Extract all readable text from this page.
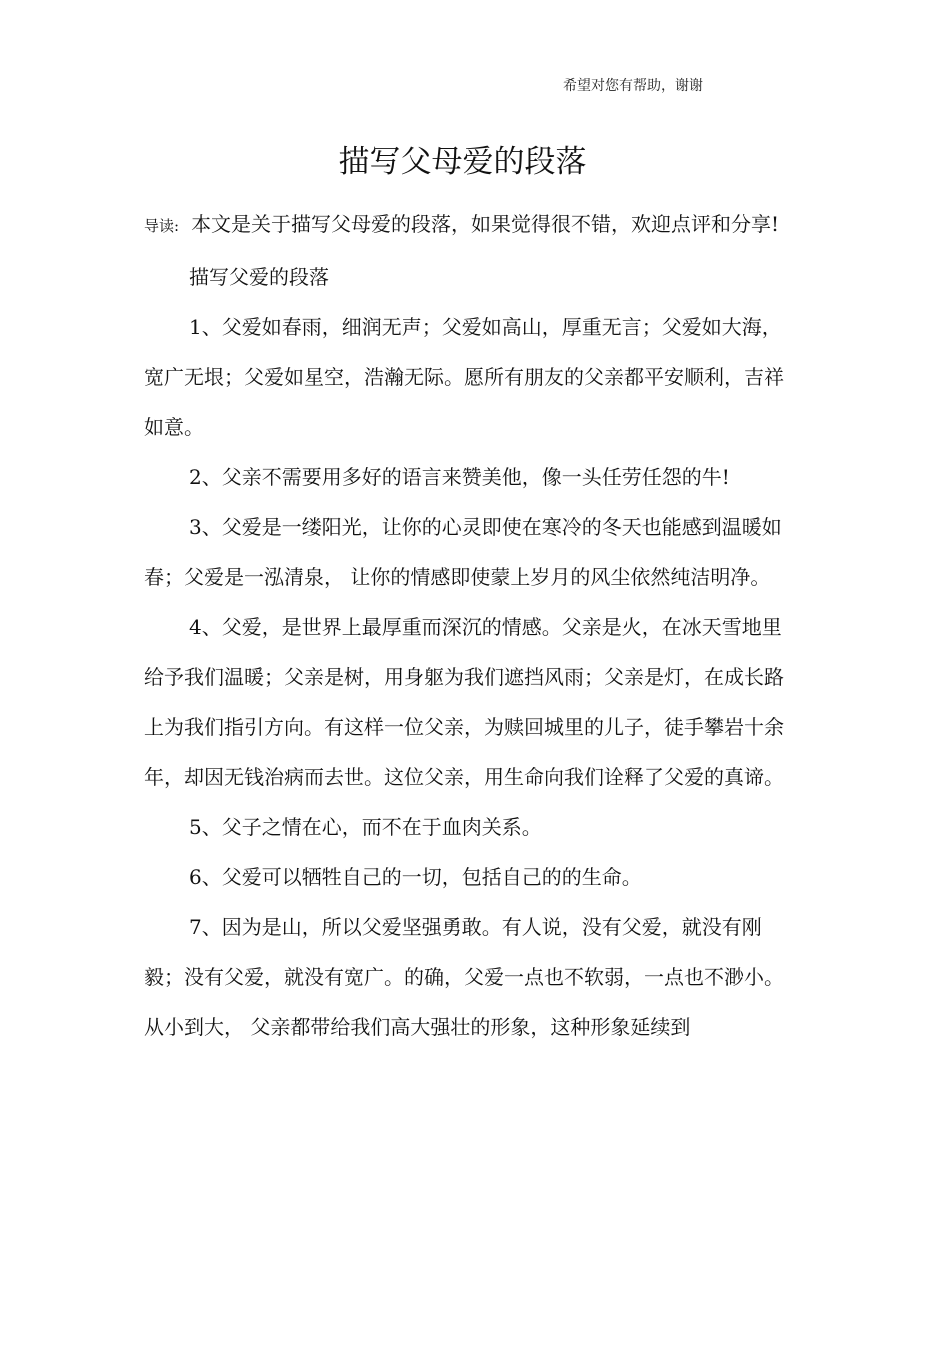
希望对您有帮助，谢谢
描写父母爱的段落

导读: 本文是关于描写父母爱的段落，如果觉得很不错，欢迎点评和分享!

描写父爱的段落

1、父爱如春雨，细润无声；父爱如高山，厚重无言；父爱如大海，宽广无垠；父爱如星空，浩瀚无际。愿所有朋友的父亲都平安顺利，吉祥如意。

2、父亲不需要用多好的语言来赞美他，像一头任劳任怨的牛!

3、父爱是一缕阳光，让你的心灵即使在寒冷的冬天也能感到温暖如春；父爱是一泓清泉， 让你的情感即使蒙上岁月的风尘依然纯洁明净。

4、父爱，是世界上最厚重而深沉的情感。父亲是火，在冰天雪地里给予我们温暖；父亲是树，用身躯为我们遮挡风雨；父亲是灯，在成长路上为我们指引方向。有这样一位父亲，为赎回城里的儿子，徒手攀岩十余年，却因无钱治病而去世。这位父亲，用生命向我们诠释了父爱的真谛。

5、父子之情在心，而不在于血肉关系。

6、父爱可以牺牲自己的一切，包括自己的的生命。

7、因为是山，所以父爱坚强勇敢。有人说，没有父爱，就没有刚毅；没有父爱，就没有宽广。的确，父爱一点也不软弱，一点也不渺小。从小到大， 父亲都带给我们高大强壮的形象，这种形象延续到
